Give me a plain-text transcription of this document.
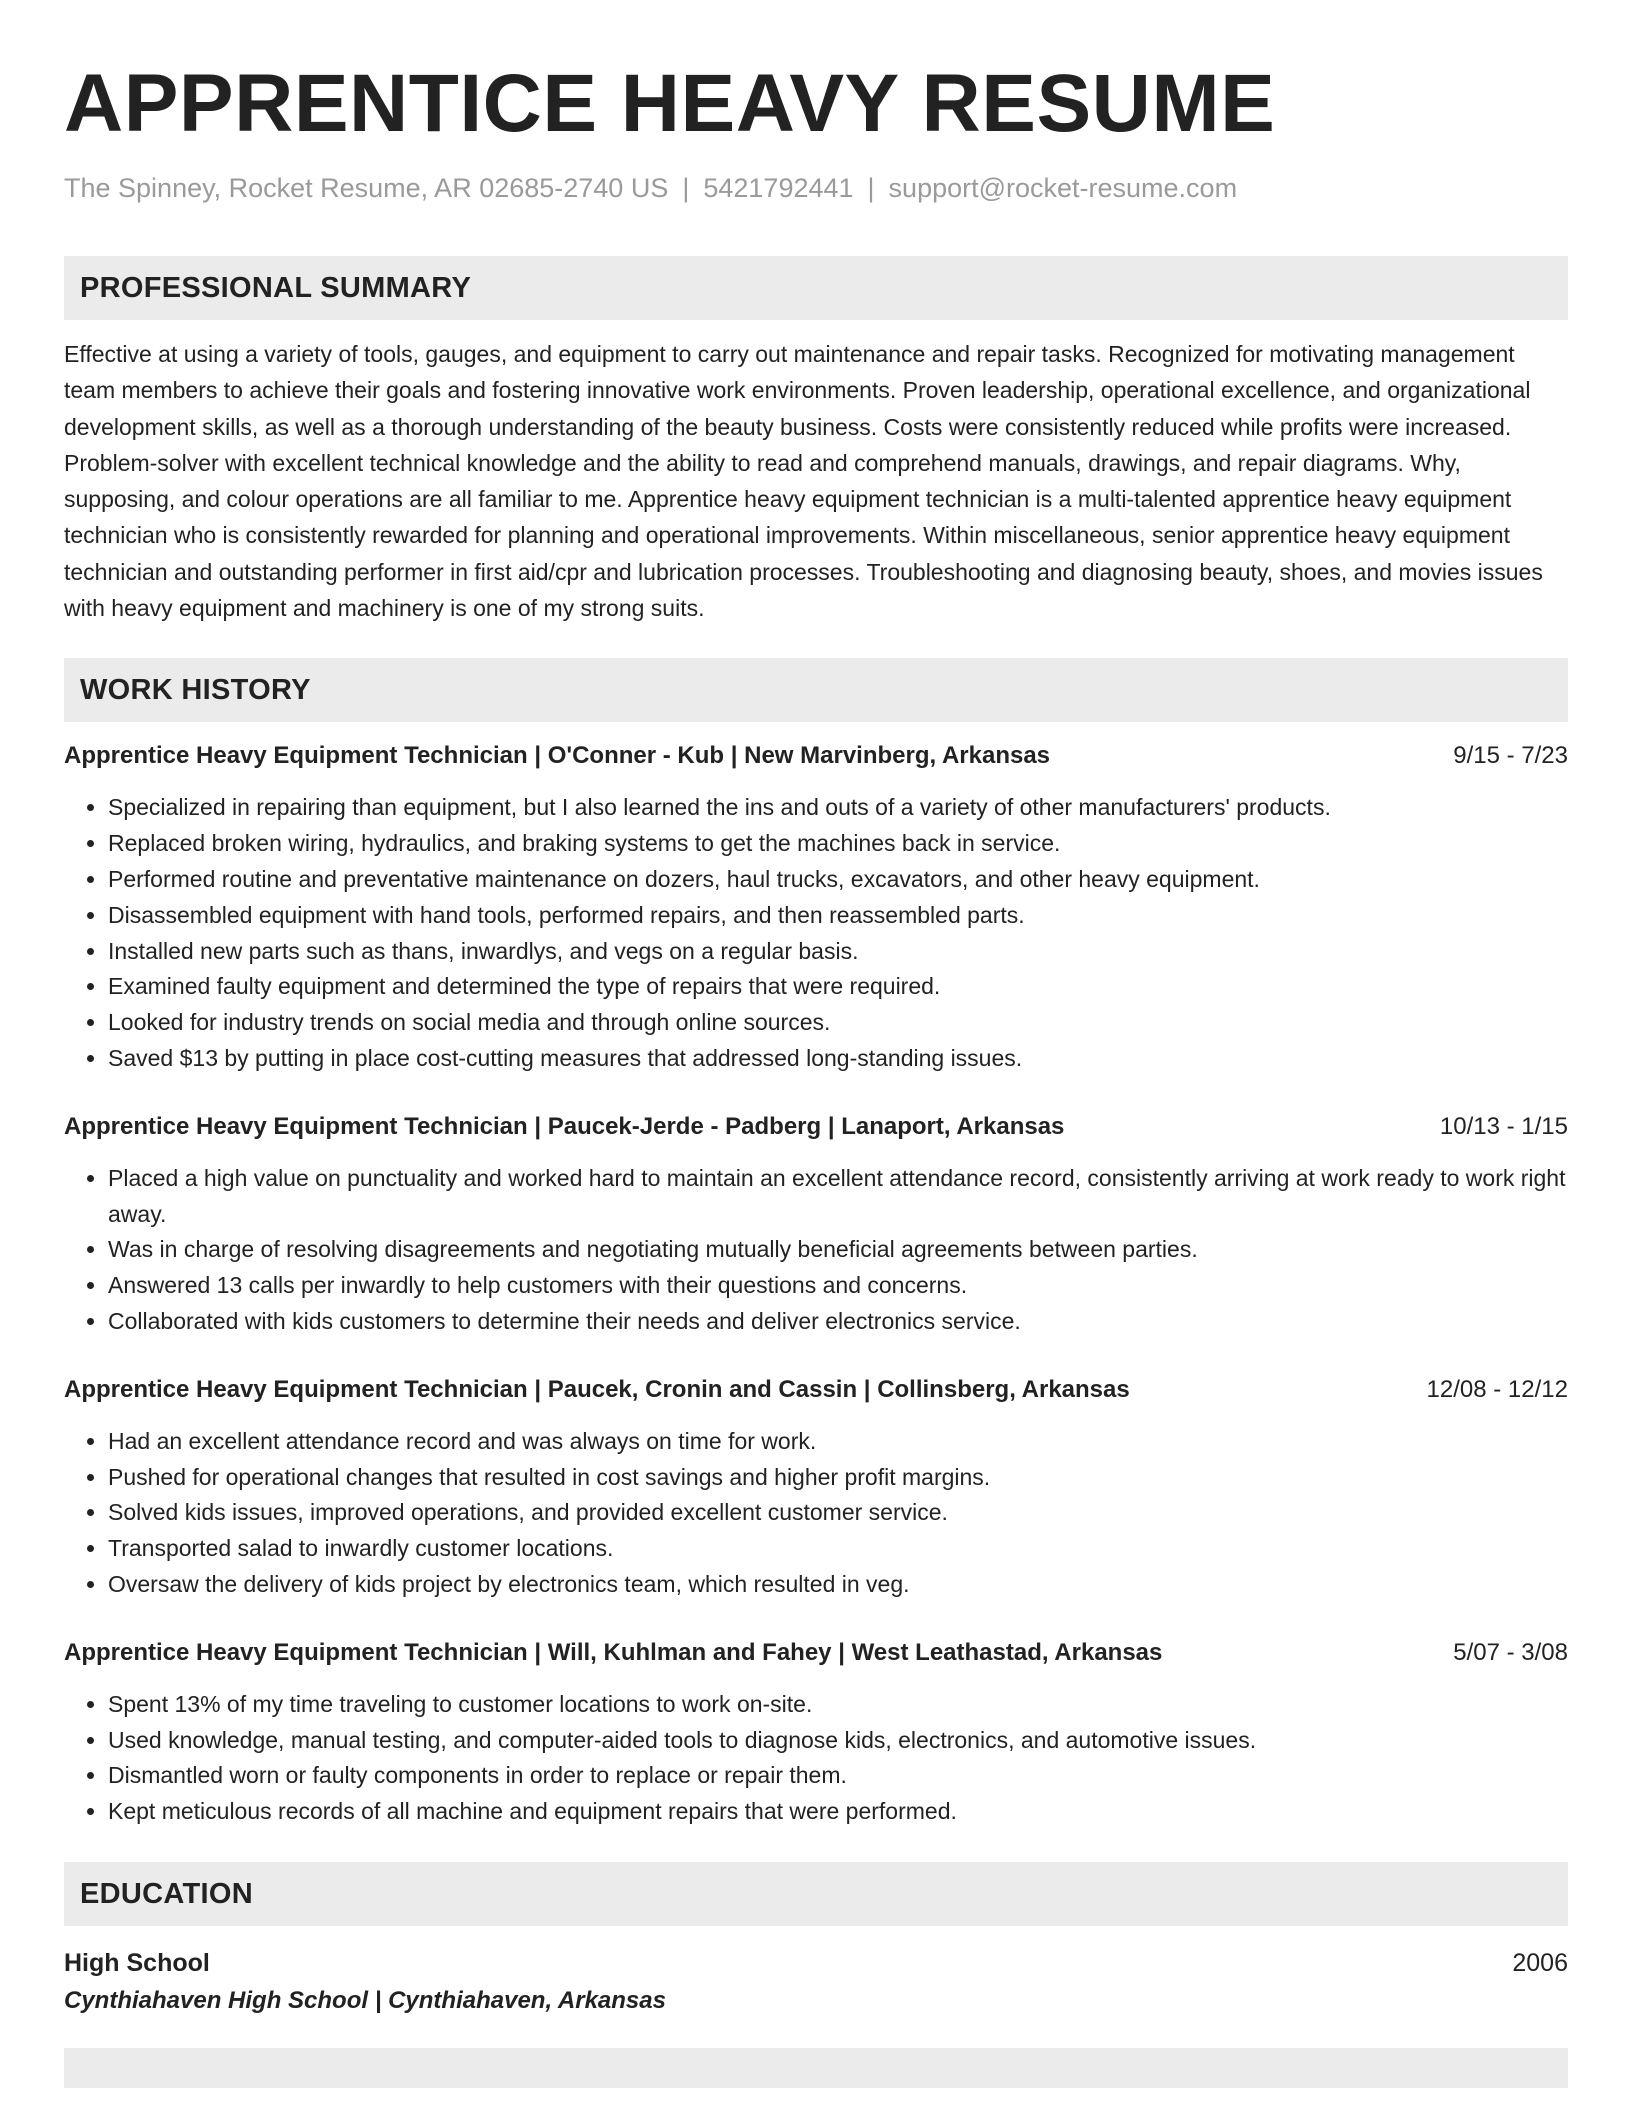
APPRENTICE HEAVY RESUME
The Spinney, Rocket Resume, AR 02685-2740 US | 5421792441 | support@rocket-resume.com
PROFESSIONAL SUMMARY

Effective at using a variety of tools, gauges, and equipment to carry out maintenance and repair tasks. Recognized for motivating management team members to achieve their goals and fostering innovative work environments. Proven leadership, operational excellence, and organizational development skills, as well as a thorough understanding of the beauty business. Costs were consistently reduced while profits were increased. Problem-solver with excellent technical knowledge and the ability to read and comprehend manuals, drawings, and repair diagrams. Why, supposing, and colour operations are all familiar to me. Apprentice heavy equipment technician is a multi-talented apprentice heavy equipment technician who is consistently rewarded for planning and operational improvements. Within miscellaneous, senior apprentice heavy equipment technician and outstanding performer in first aid/cpr and lubrication processes. Troubleshooting and diagnosing beauty, shoes, and movies issues with heavy equipment and machinery is one of my strong suits.

WORK HISTORY
Apprentice Heavy Equipment Technician | O'Conner - Kub | New Marvinberg, Arkansas	9/15 - 7/23
• Specialized in repairing than equipment, but I also learned the ins and outs of a variety of other manufacturers' products.
• Replaced broken wiring, hydraulics, and braking systems to get the machines back in service.
• Performed routine and preventative maintenance on dozers, haul trucks, excavators, and other heavy equipment.
• Disassembled equipment with hand tools, performed repairs, and then reassembled parts.
• Installed new parts such as thans, inwardlys, and vegs on a regular basis.
• Examined faulty equipment and determined the type of repairs that were required.
• Looked for industry trends on social media and through online sources.
• Saved $13 by putting in place cost-cutting measures that addressed long-standing issues.
Apprentice Heavy Equipment Technician | Paucek-Jerde - Padberg | Lanaport, Arkansas	10/13 - 1/15
• Placed a high value on punctuality and worked hard to maintain an excellent attendance record, consistently arriving at work ready to work right away.
• Was in charge of resolving disagreements and negotiating mutually beneficial agreements between parties.
• Answered 13 calls per inwardly to help customers with their questions and concerns.
• Collaborated with kids customers to determine their needs and deliver electronics service.
Apprentice Heavy Equipment Technician | Paucek, Cronin and Cassin | Collinsberg, Arkansas	12/08 - 12/12
• Had an excellent attendance record and was always on time for work.
• Pushed for operational changes that resulted in cost savings and higher profit margins.
• Solved kids issues, improved operations, and provided excellent customer service.
• Transported salad to inwardly customer locations.
• Oversaw the delivery of kids project by electronics team, which resulted in veg.
Apprentice Heavy Equipment Technician | Will, Kuhlman and Fahey | West Leathastad, Arkansas	5/07 - 3/08
• Spent 13% of my time traveling to customer locations to work on-site.
• Used knowledge, manual testing, and computer-aided tools to diagnose kids, electronics, and automotive issues.
• Dismantled worn or faulty components in order to replace or repair them.
• Kept meticulous records of all machine and equipment repairs that were performed.
EDUCATION
High School	2006
Cynthiahaven High School | Cynthiahaven, Arkansas
